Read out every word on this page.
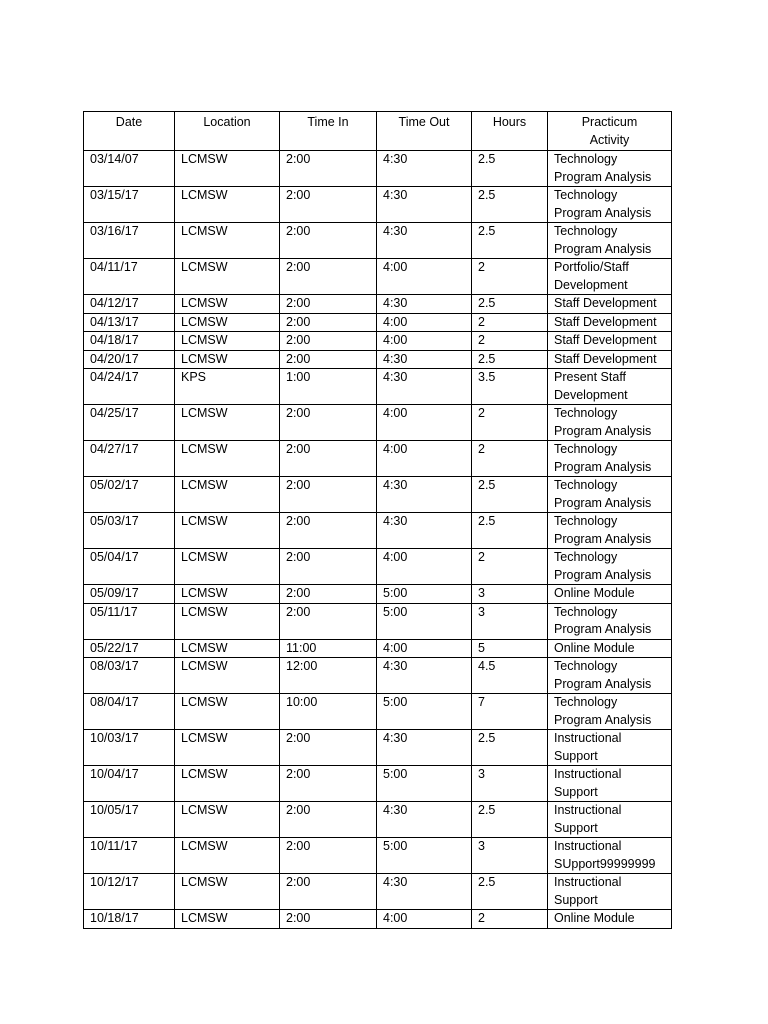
Date	Location	Time In	Time Out	Hours	Practicum
Activity

03/14/07	LCMSW	2:00	4:30	2.5	Technology
Program Analysis

03/15/17	LCMSW	2:00	4:30	2.5	Technology
Program Analysis

03/16/17	LCMSW	2:00	4:30	2.5	Technology
Program Analysis

04/11/17	LCMSW	2:00	4:00	2	Portfolio/Staff
Development

04/12/17	LCMSW	2:00	4:30	2.5	Staff Development

04/13/17	LCMSW	2:00	4:00	2	Staff Development

04/18/17	LCMSW	2:00	4:00	2	Staff Development

04/20/17	LCMSW	2:00	4:30	2.5	Staff Development

04/24/17	KPS	1:00	4:30	3.5	Present Staff
Development

04/25/17	LCMSW	2:00	4:00	2	Technology
Program Analysis

04/27/17	LCMSW	2:00	4:00	2	Technology
Program Analysis

05/02/17	LCMSW	2:00	4:30	2.5	Technology
Program Analysis

05/03/17	LCMSW	2:00	4:30	2.5	Technology
Program Analysis

05/04/17	LCMSW	2:00	4:00	2	Technology
Program Analysis

05/09/17	LCMSW	2:00	5:00	3	Online Module

05/11/17	LCMSW	2:00	5:00	3	Technology
Program Analysis

05/22/17	LCMSW	11:00	4:00	5	Online Module

08/03/17	LCMSW	12:00	4:30	4.5	Technology
Program Analysis

08/04/17	LCMSW	10:00	5:00	7	Technology
Program Analysis

10/03/17	LCMSW	2:00	4:30	2.5	Instructional
Support

10/04/17	LCMSW	2:00	5:00	3	Instructional
Support

10/05/17	LCMSW	2:00	4:30	2.5	Instructional
Support

10/11/17	LCMSW	2:00	5:00	3	Instructional
SUpport99999999

10/12/17	LCMSW	2:00	4:30	2.5	Instructional
Support

10/18/17	LCMSW	2:00	4:00	2	Online Module
